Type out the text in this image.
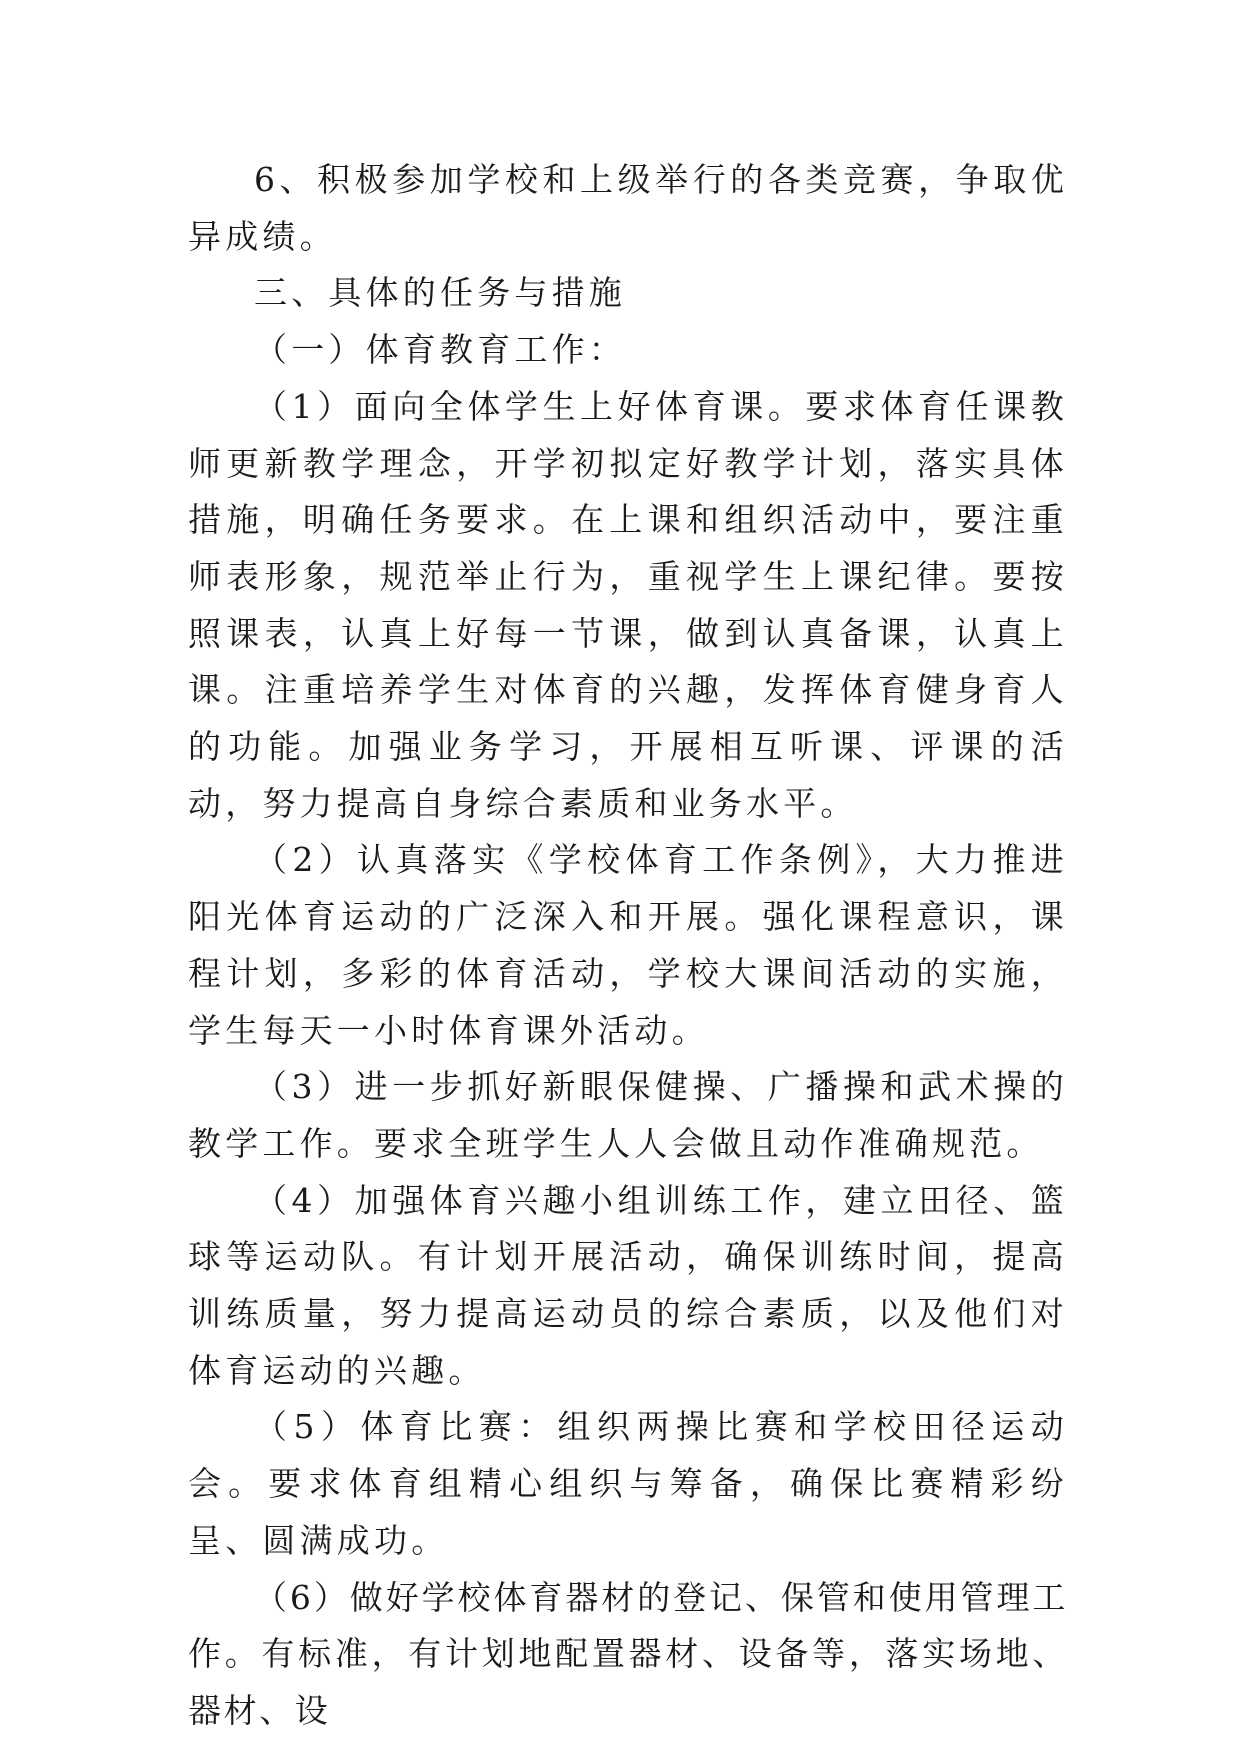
6、积极参加学校和上级举行的各类竞赛，争取优异成绩。

三、具体的任务与措施

（一）体育教育工作：

（1）面向全体学生上好体育课。要求体育任课教师更新教学理念，开学初拟定好教学计划，落实具体措施，明确任务要求。在上课和组织活动中，要注重师表形象，规范举止行为，重视学生上课纪律。要按照课表，认真上好每一节课，做到认真备课，认真上课。注重培养学生对体育的兴趣，发挥体育健身育人的功能。加强业务学习，开展相互听课、评课的活动，努力提高自身综合素质和业务水平。

（2）认真落实《学校体育工作条例》，大力推进阳光体育运动的广泛深入和开展。强化课程意识，课程计划，多彩的体育活动，学校大课间活动的实施，学生每天一小时体育课外活动。

（3）进一步抓好新眼保健操、广播操和武术操的教学工作。要求全班学生人人会做且动作准确规范。

（4）加强体育兴趣小组训练工作，建立田径、篮球等运动队。有计划开展活动，确保训练时间，提高训练质量，努力提高运动员的综合素质，以及他们对体育运动的兴趣。

（5）体育比赛：组织两操比赛和学校田径运动会。要求体育组精心组织与筹备，确保比赛精彩纷呈、圆满成功。

（6）做好学校体育器材的登记、保管和使用管理工作。有标准，有计划地配置器材、设备等，落实场地、器材、设
